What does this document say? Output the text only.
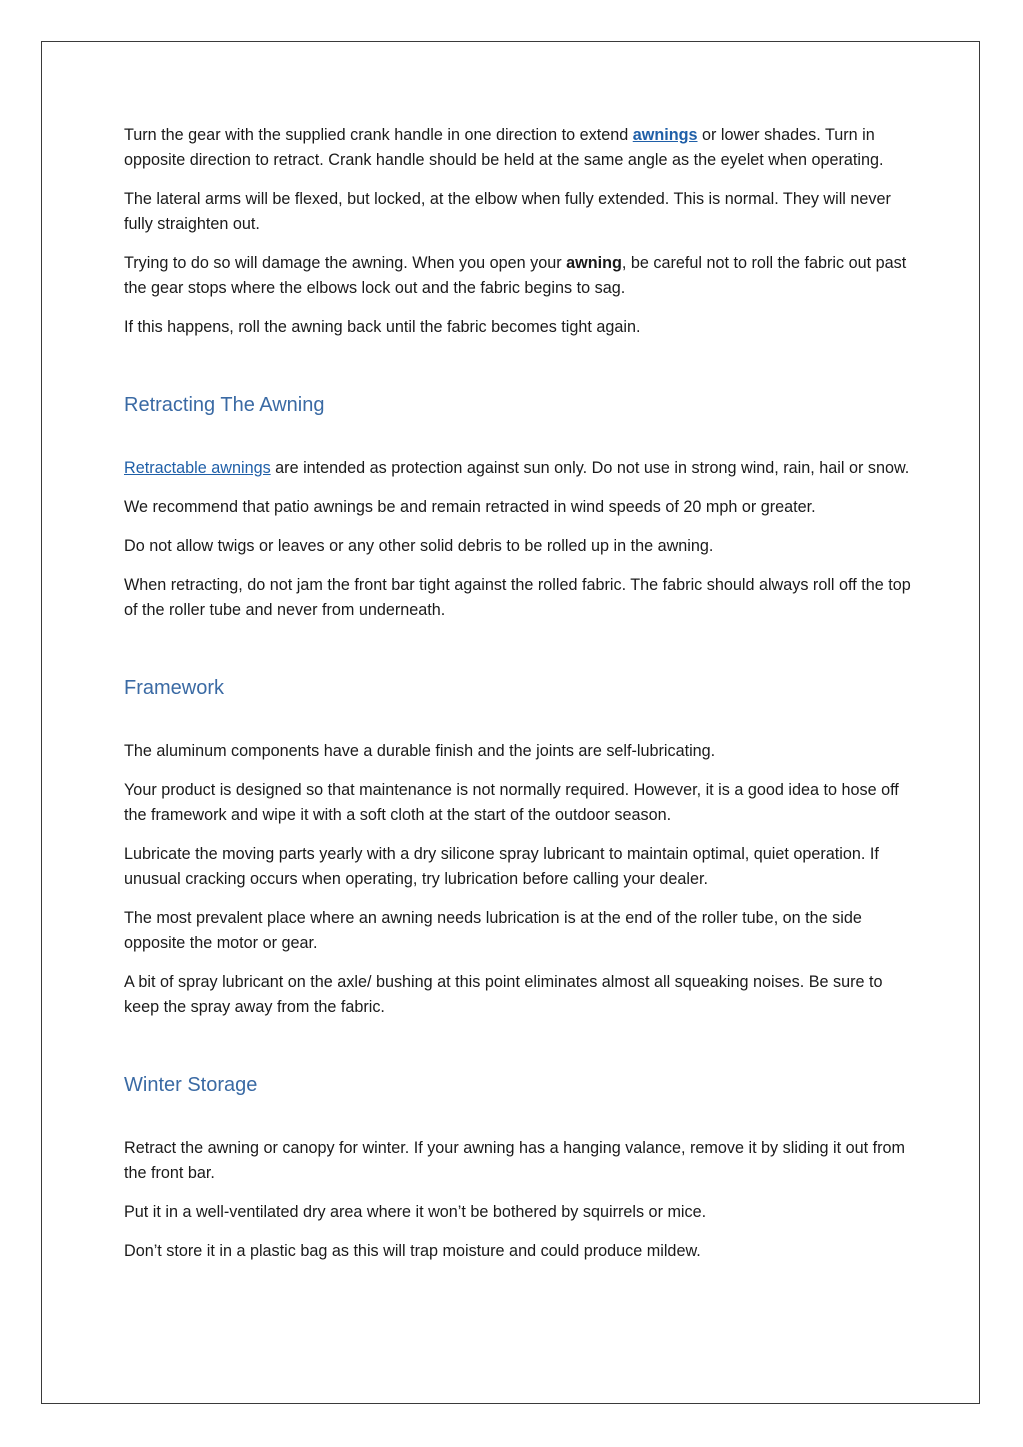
Turn the gear with the supplied crank handle in one direction to extend awnings or lower shades. Turn in opposite direction to retract. Crank handle should be held at the same angle as the eyelet when operating.

The lateral arms will be flexed, but locked, at the elbow when fully extended. This is normal. They will never fully straighten out.

Trying to do so will damage the awning. When you open your awning, be careful not to roll the fabric out past the gear stops where the elbows lock out and the fabric begins to sag.

If this happens, roll the awning back until the fabric becomes tight again.

Retracting The Awning

Retractable awnings are intended as protection against sun only. Do not use in strong wind, rain, hail or snow.

We recommend that patio awnings be and remain retracted in wind speeds of 20 mph or greater.

Do not allow twigs or leaves or any other solid debris to be rolled up in the awning.

When retracting, do not jam the front bar tight against the rolled fabric. The fabric should always roll off the top of the roller tube and never from underneath.

Framework

The aluminum components have a durable finish and the joints are self-lubricating.

Your product is designed so that maintenance is not normally required. However, it is a good idea to hose off the framework and wipe it with a soft cloth at the start of the outdoor season.

Lubricate the moving parts yearly with a dry silicone spray lubricant to maintain optimal, quiet operation. If unusual cracking occurs when operating, try lubrication before calling your dealer.

The most prevalent place where an awning needs lubrication is at the end of the roller tube, on the side opposite the motor or gear.

A bit of spray lubricant on the axle/ bushing at this point eliminates almost all squeaking noises. Be sure to keep the spray away from the fabric.

Winter Storage

Retract the awning or canopy for winter. If your awning has a hanging valance, remove it by sliding it out from the front bar.

Put it in a well-ventilated dry area where it won’t be bothered by squirrels or mice.

Don’t store it in a plastic bag as this will trap moisture and could produce mildew.
